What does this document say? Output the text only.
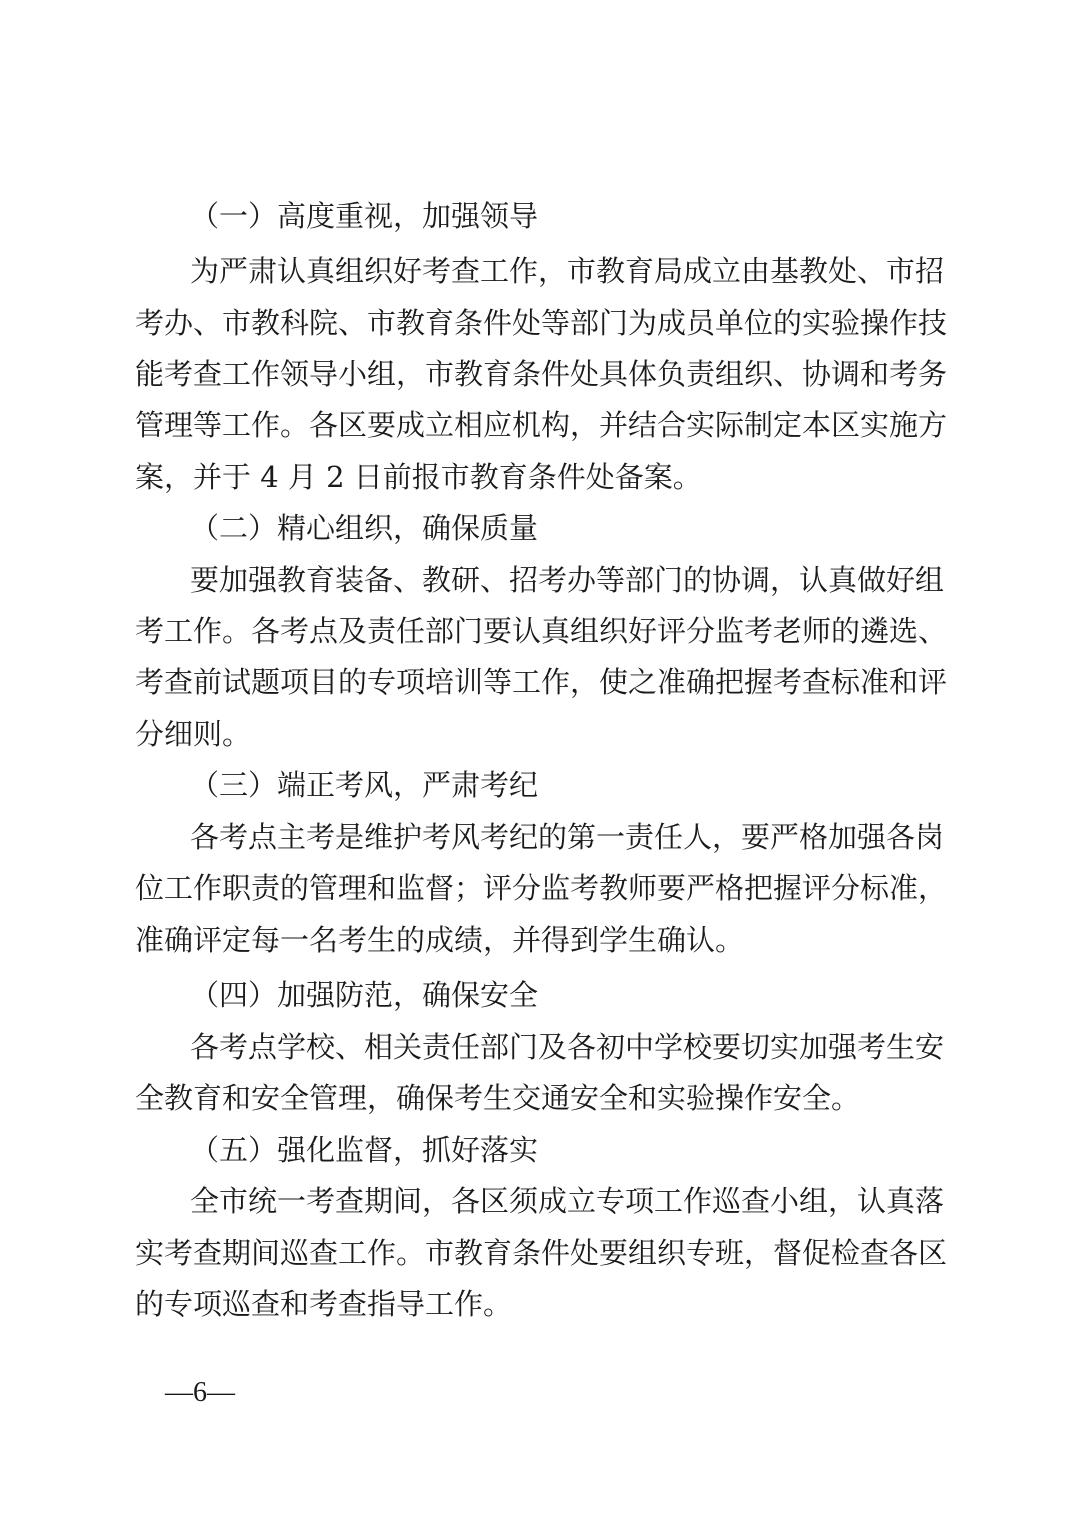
（一）高度重视，加强领导
为严肃认真组织好考查工作，市教育局成立由基教处、市招
考办、市教科院、市教育条件处等部门为成员单位的实验操作技
能考查工作领导小组，市教育条件处具体负责组织、协调和考务
管理等工作。各区要成立相应机构，并结合实际制定本区实施方
案，并于 4 月 2 日前报市教育条件处备案。
（二）精心组织，确保质量
要加强教育装备、教研、招考办等部门的协调，认真做好组
考工作。各考点及责任部门要认真组织好评分监考老师的遴选、
考查前试题项目的专项培训等工作，使之准确把握考查标准和评
分细则。
（三）端正考风，严肃考纪
各考点主考是维护考风考纪的第一责任人，要严格加强各岗
位工作职责的管理和监督；评分监考教师要严格把握评分标准，
准确评定每一名考生的成绩，并得到学生确认。
（四）加强防范，确保安全
各考点学校、相关责任部门及各初中学校要切实加强考生安
全教育和安全管理，确保考生交通安全和实验操作安全。
（五）强化监督，抓好落实
全市统一考查期间，各区须成立专项工作巡查小组，认真落
实考查期间巡查工作。市教育条件处要组织专班，督促检查各区
的专项巡查和考查指导工作。
—6—
